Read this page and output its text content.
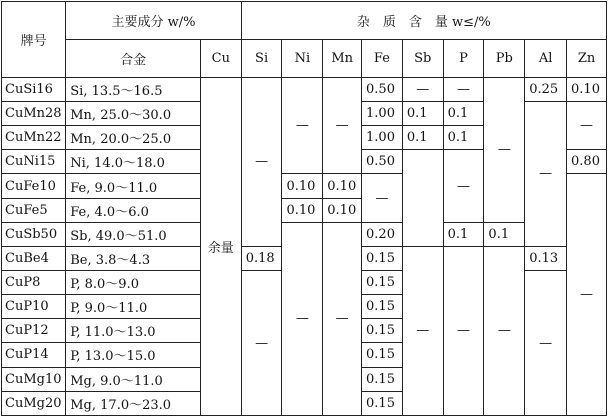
牌号	主要成分 w/%		杂　质　含　量 w≤/%								
	合金	Cu	Si	Ni	Mn	Fe	Sb	P	Pb	Al	Zn
CuSi16	Si, 13.5～16.5	余量	—	—	—	0.50	—	—	—	0.25	0.10
CuMn28	Mn, 25.0～30.0					1.00	0.1	0.1		—	—
CuMn22	Mn, 20.0～25.0					1.00	0.1	0.1			
CuNi15	Ni, 14.0～18.0					0.50		—			0.80
CuFe10	Fe, 9.0～11.0			0.10	0.10	—					—
CuFe5	Fe, 4.0～6.0			0.10	0.10						
CuSb50	Sb, 49.0～51.0			—	—	0.20		0.1	0.1		
CuBe4	Be, 3.8～4.3		0.18			0.15	—	—	—	0.13	
CuP8	P, 8.0～9.0		—			0.15				—	
CuP10	P, 9.0～11.0					0.15					
CuP12	P, 11.0～13.0					0.15					
CuP14	P, 13.0～15.0					0.15					
CuMg10	Mg, 9.0～11.0					0.15					
CuMg20	Mg, 17.0～23.0					0.15					
